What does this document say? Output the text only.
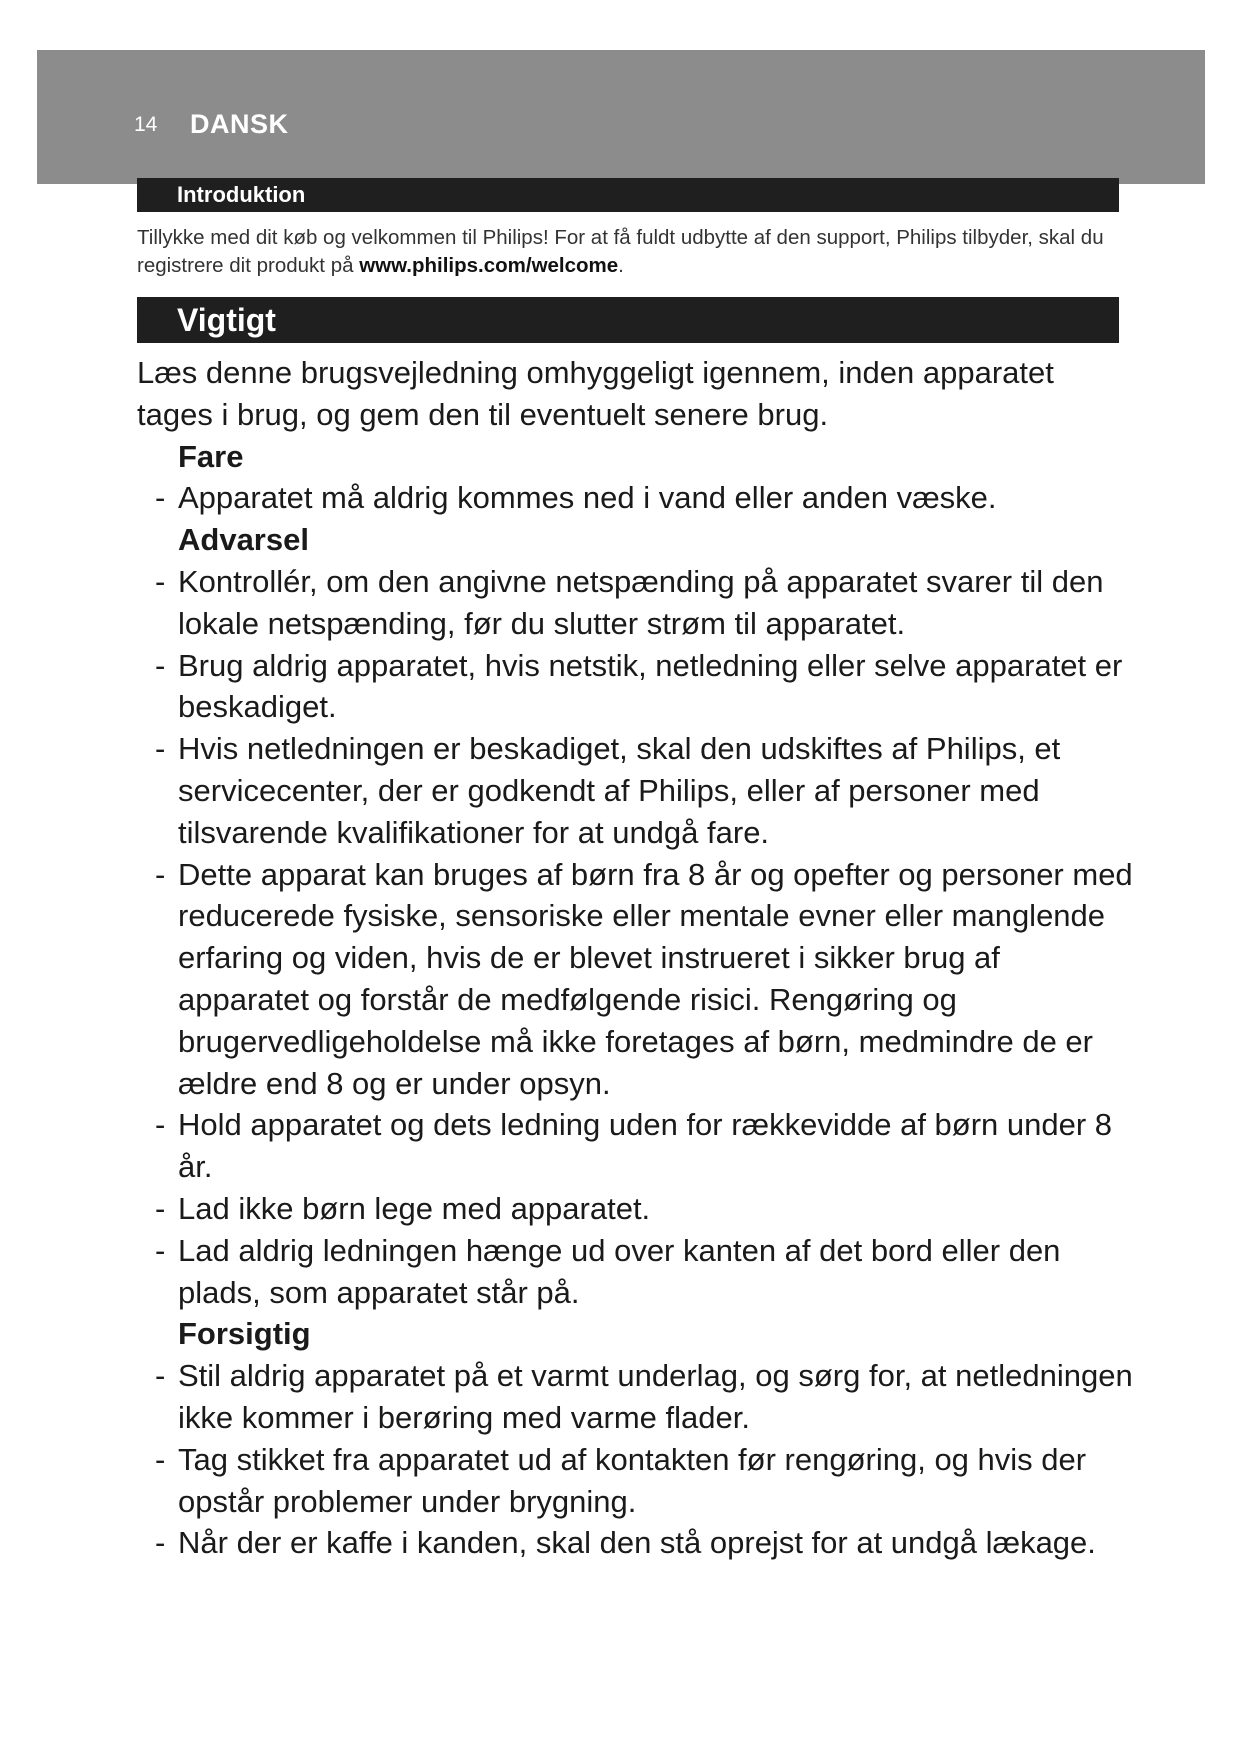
14 DANSK
Introduktion
Tillykke med dit køb og velkommen til Philips! For at få fuldt udbytte af den support, Philips tilbyder, skal du registrere dit produkt på www.philips.com/welcome.
Vigtigt

Læs denne brugsvejledning omhyggeligt igennem, inden apparatet tages i brug, og gem den til eventuelt senere brug.

Fare
- Apparatet må aldrig kommes ned i vand eller anden væske.
Advarsel
- Kontrollér, om den angivne netspænding på apparatet svarer til den lokale netspænding, før du slutter strøm til apparatet.
- Brug aldrig apparatet, hvis netstik, netledning eller selve apparatet er beskadiget.
- Hvis netledningen er beskadiget, skal den udskiftes af Philips, et servicecenter, der er godkendt af Philips, eller af personer med tilsvarende kvalifikationer for at undgå fare.
- Dette apparat kan bruges af børn fra 8 år og opefter og personer med reducerede fysiske, sensoriske eller mentale evner eller manglende erfaring og viden, hvis de er blevet instrueret i sikker brug af apparatet og forstår de medfølgende risici. Rengøring og brugervedligeholdelse må ikke foretages af børn, medmindre de er ældre end 8 og er under opsyn.
- Hold apparatet og dets ledning uden for rækkevidde af børn under 8 år.
- Lad ikke børn lege med apparatet.
- Lad aldrig ledningen hænge ud over kanten af det bord eller den plads, som apparatet står på.
Forsigtig
- Stil aldrig apparatet på et varmt underlag, og sørg for, at netledningen ikke kommer i berøring med varme flader.
- Tag stikket fra apparatet ud af kontakten før rengøring, og hvis der opstår problemer under brygning.
- Når der er kaffe i kanden, skal den stå oprejst for at undgå lækage.
